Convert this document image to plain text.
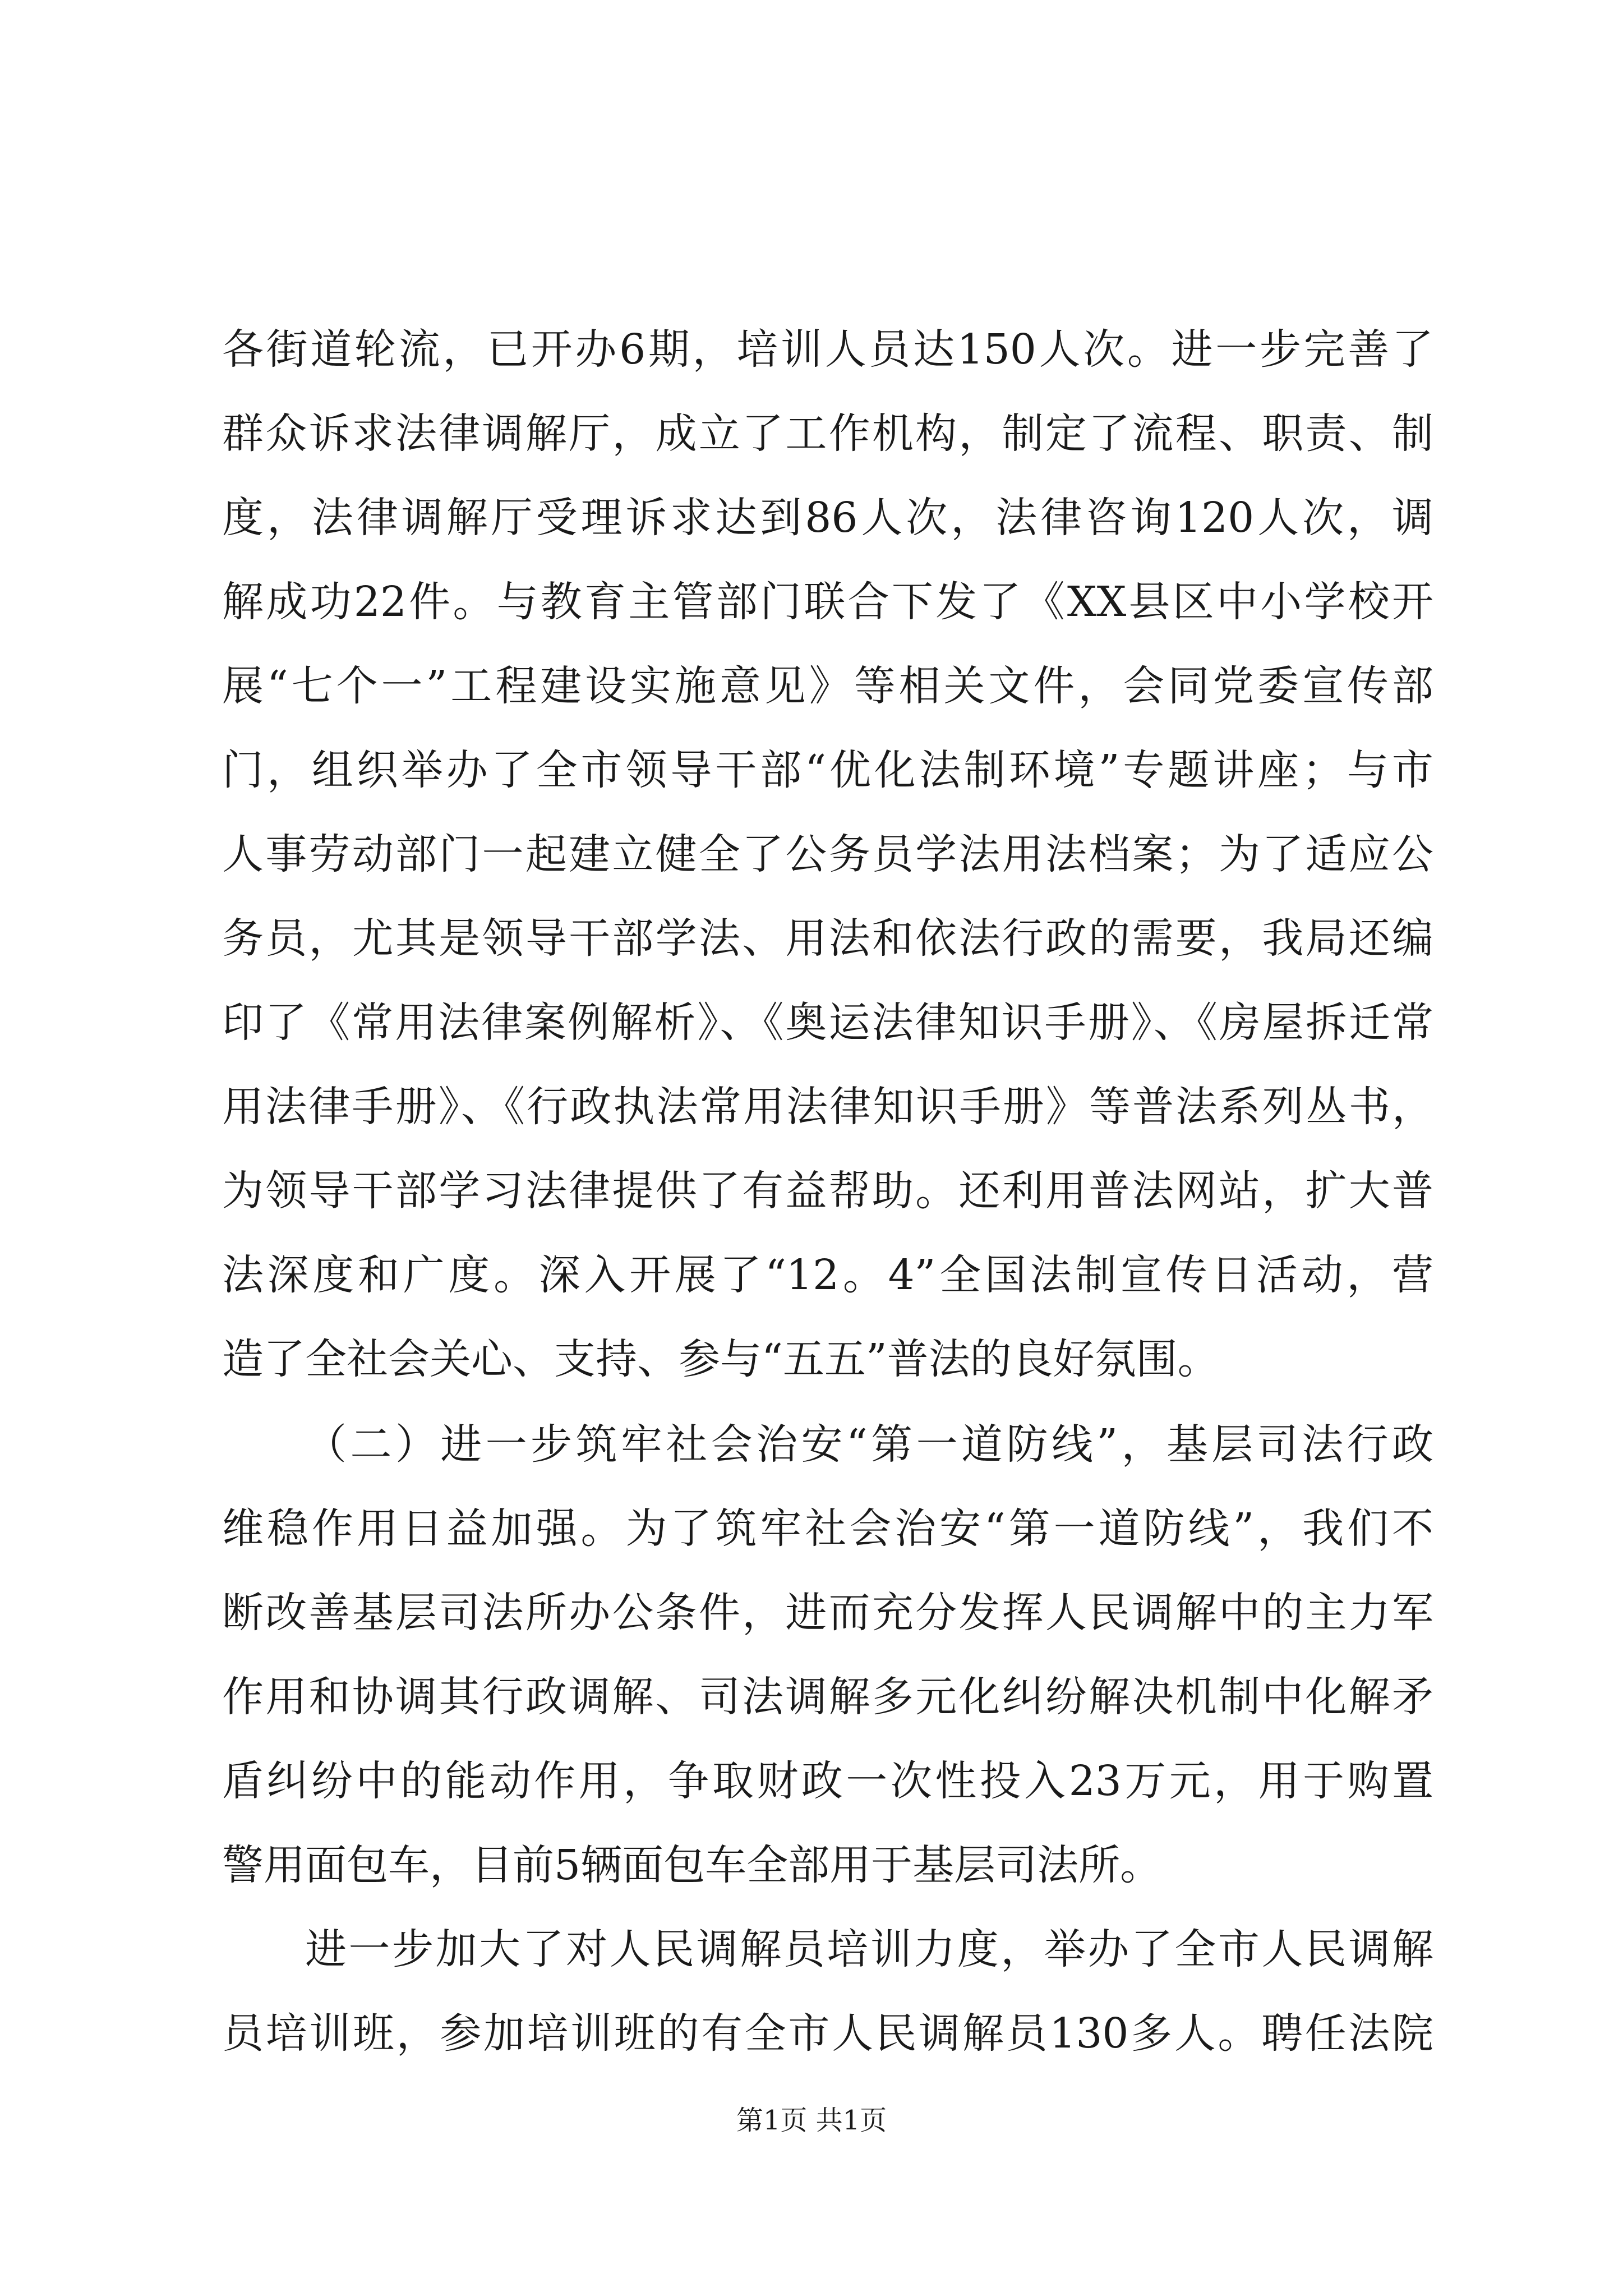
各街道轮流，已开办6期，培训人员达150人次。进一步完善了
群众诉求法律调解厅，成立了工作机构，制定了流程、职责、制
度，法律调解厅受理诉求达到86人次，法律咨询120人次，调
解成功22件。与教育主管部门联合下发了《XX县区中小学校开
展“七个一”工程建设实施意见》等相关文件，会同党委宣传部
门，组织举办了全市领导干部“优化法制环境”专题讲座；与市
人事劳动部门一起建立健全了公务员学法用法档案；为了适应公
务员，尤其是领导干部学法、用法和依法行政的需要，我局还编
印了《常用法律案例解析》、《奥运法律知识手册》、《房屋拆迁常
用法律手册》、《行政执法常用法律知识手册》等普法系列丛书，
为领导干部学习法律提供了有益帮助。还利用普法网站，扩大普
法深度和广度。深入开展了“12。4”全国法制宣传日活动，营
造了全社会关心、支持、参与“五五”普法的良好氛围。
（二）进一步筑牢社会治安“第一道防线”，基层司法行政
维稳作用日益加强。为了筑牢社会治安“第一道防线”，我们不
断改善基层司法所办公条件，进而充分发挥人民调解中的主力军
作用和协调其行政调解、司法调解多元化纠纷解决机制中化解矛
盾纠纷中的能动作用，争取财政一次性投入23万元，用于购置
警用面包车，目前5辆面包车全部用于基层司法所。
进一步加大了对人民调解员培训力度，举办了全市人民调解
员培训班，参加培训班的有全市人民调解员130多人。聘任法院
第1页 共1页
